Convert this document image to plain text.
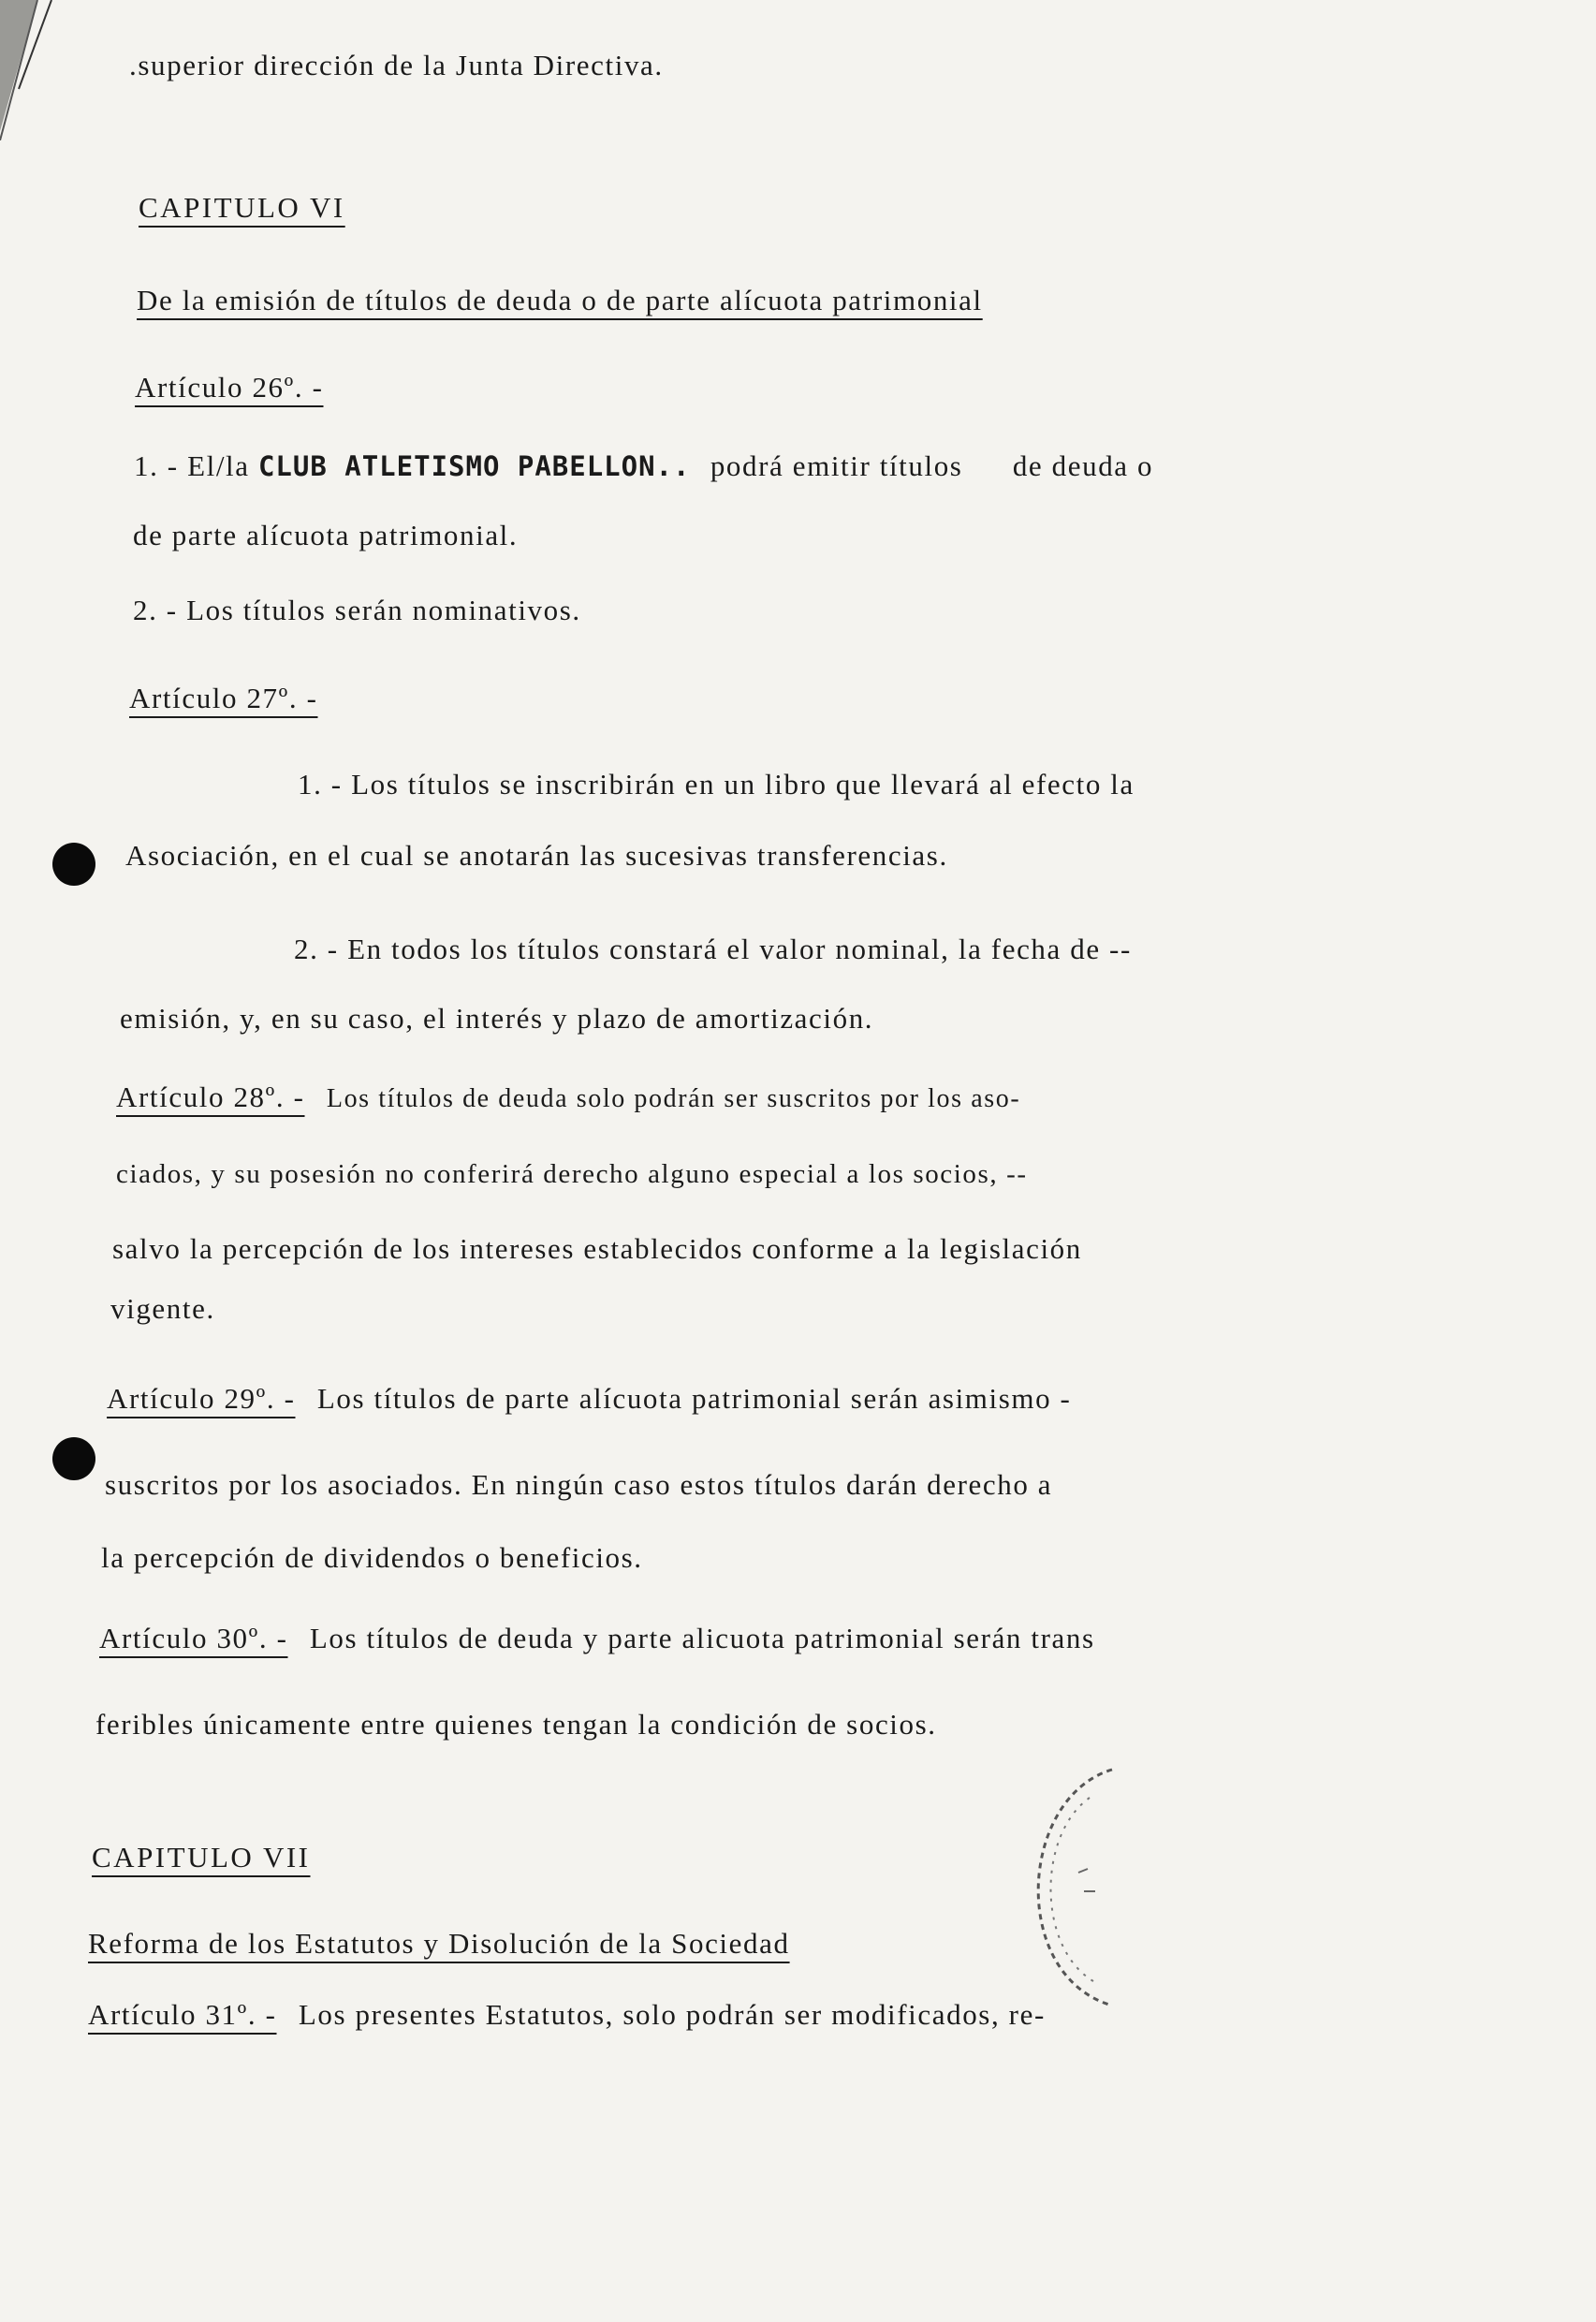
.superior dirección de la Junta Directiva.
CAPITULO VI
De la emisión de títulos de deuda o de parte alícuota patrimonial
Artículo 26º. -
1. - El/la CLUB ATLETISMO PABELLON.. podrá emitir títulos de deuda o
de parte alícuota patrimonial.
2. - Los títulos serán nominativos.
Artículo 27º. -
1. - Los títulos se inscribirán en un libro que llevará al efecto la
Asociación, en el cual se anotarán las sucesivas transferencias.
2. - En todos los títulos constará el valor nominal, la fecha de --
emisión, y, en su caso, el interés y plazo de amortización.
Artículo 28º. - Los títulos de deuda solo podrán ser suscritos por los aso-
ciados, y su posesión no conferirá derecho alguno especial a los socios, --
salvo la percepción de los intereses establecidos conforme a la legislación
vigente.
Artículo 29º. - Los títulos de parte alícuota patrimonial serán asimismo -
suscritos por los asociados. En ningún caso estos títulos darán derecho a
la percepción de dividendos o beneficios.
Artículo 30º. - Los títulos de deuda y parte alicuota patrimonial serán trans
feribles únicamente entre quienes tengan la condición de socios.
CAPITULO VII
Reforma de los Estatutos y Disolución de la Sociedad
Artículo 31º. - Los presentes Estatutos, solo podrán ser modificados, re-
